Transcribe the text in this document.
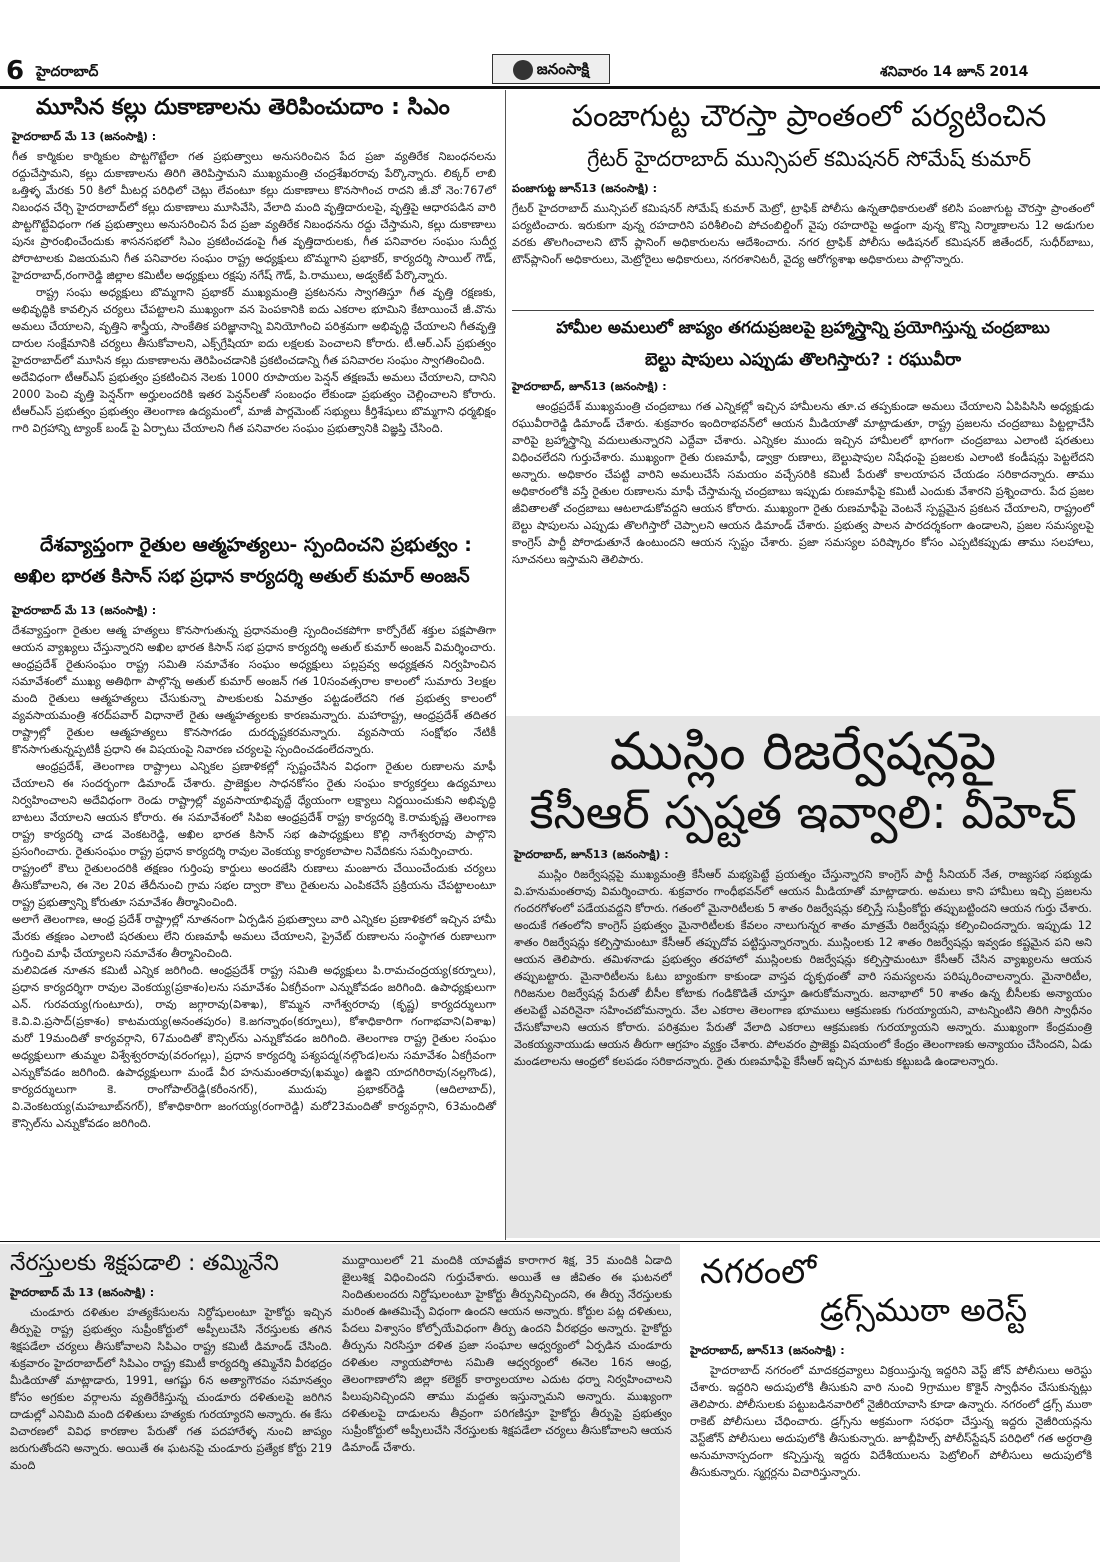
6 హైదరాబాద్	జనంసాక్షి	శనివారం 14 జూన్ 2014
మూసిన కల్లు దుకాణాలను తెరిపించుదాం : సిఎం
హైదరాబాద్ మే 13 (జనంసాక్షి) :

గీత కార్మికుల కార్మికుల పొట్టగొట్టేలా గత ప్రభుత్వాలు అనుసరించిన పేద ప్రజా వ్యతిరేక నిబంధనలను రద్దుచేస్తామని, కల్లు దుకాణాలను తిరిగి తెరిపిస్తామని ముఖ్యమంత్రి చంద్రశేఖరరావు పేర్కొన్నారు. లిక్కర్ లాబి ఒత్తిళ్ళ మేరకు 50 కిలో మీటర్ల పరిధిలో చెట్లు లేవంటూ కల్లు దుకాణాలు కొనసాగించ రాదని జీ.వో నెం:767లో నిబంధన చేర్చి హైదరాబాద్‌లో కల్లు దుకాణాలు మూసివేసి, వేలాది మంది వృత్తిదారులపై, వృత్తిపై ఆధారపడిన వారి పొట్టగొట్టేవిధంగా గత ప్రభుత్వాలు అనుసరించిన పేద ప్రజా వ్యతిరేక నిబంధనను రద్దు చేస్తామని, కల్లు దుకాణాలు పునః ప్రారంభించేందుకు శాసనసభలో సిఎం ప్రకటించడంపై గీత వృత్తిదారులకు, గీత పనివారల సంఘం సుదీర్ఘ పోరాటాలకు విజయమని గీత పనివారల సంఘం రాష్ట్ర అధ్యక్షులు బొమ్మగాని ప్రభాకర్, కార్యదర్శి సాయిల్ గౌడ్, హైదరాబాద్,రంగారెడ్డి జిల్లాల కమిటీల అధ్యక్షులు రక్షపు నగేష్ గౌడ్, పి.రాములు, అడ్వకేట్ పేర్కొన్నారు.

రాష్ట్ర సంఘ అధ్యక్షులు బొమ్మగాని ప్రభాకర్ ముఖ్యమంత్రి ప్రకటనను స్వాగతిస్తూ గీత వృత్తి రక్షణకు, అభివృద్ధికి కావల్సిన చర్యలు చేపట్టాలని ముఖ్యంగా వన పెంపకానికి ఐదు ఎకరాల భూమిని కేటాయించే జీ.వొను అమలు చేయాలని, వృత్తిని శాస్త్రీయ, సాంకేతిక పరిజ్ఞానాన్ని వినియోగించి పరిశ్రమగా అభివృద్ధి చేయాలని గీతవృత్తి దారుల సంక్షేమానికి చర్యలు తీసుకోవాలని, ఎక్స్‌గ్రేషియా ఐదు లక్షలకు పెంచాలని కోరారు. టీ.ఆర్.ఎస్ ప్రభుత్వం హైదరాబాద్‌లో మూసిన కల్లు దుకాణాలను తెరిపించడానికి ప్రకటించడాన్ని గీత పనివారల సంఘం స్వాగతించింది.

అదేవిధంగా టీఆర్ఎస్ ప్రభుత్వం ప్రకటించిన నెలకు 1000 రూపాయల పెన్షన్ తక్షణమే అమలు చేయాలని, దానిని 2000 పెంచి వృత్తి పెన్షన్‌గా అర్హులందరికి ఇతర పెన్షన్‌లతో సంబంధం లేకుండా ప్రభుత్వం చెల్లించాలని కోరారు. టీఆర్ఎస్ ప్రభుత్వం ప్రభుత్వం తెలంగాణ ఉద్యమంలో, మాజీ పార్లమెంట్ సభ్యులు కీర్తిశేషులు బొమ్మగాని ధర్మభిక్షం గారి విగ్రహాన్ని ట్యాంక్ బండ్ పై ఏర్పాటు చేయాలని గీత పనివారల సంఘం ప్రభుత్వానికి విజ్ఞప్తి చేసింది.

దేశవ్యాప్తంగా రైతుల ఆత్మహత్యలు- స్పందించని ప్రభుత్వం :
అఖిల భారత కిసాన్ సభ ప్రధాన కార్యదర్శి అతుల్ కుమార్ అంజన్
హైదరాబాద్ మే 13 (జనంసాక్షి) :

దేశవ్యాప్తంగా రైతుల ఆత్మ హత్యలు కొనసాగుతున్న ప్రధానమంత్రి స్పందించకపోగా కార్పోరేట్ శక్తుల పక్షపాతిగా ఆయన వ్యాఖ్యలు చేస్తున్నారని అఖిల భారత కిసాన్ సభ ప్రధాన కార్యదర్శి అతుల్ కుమార్ అంజన్ విమర్శించారు. ఆంధ్రప్రదేశ్ రైతుసంఘం రాష్ట్ర సమితి సమావేశం సంఘం అధ్యక్షులు పల్లప్రవ్వ అధ్యక్షతన నిర్వహించిన సమావేశంలో ముఖ్య అతిథిగా పాల్గొన్న అతుల్ కుమార్ అంజన్ గత 10సంవత్సరాల కాలంలో సుమారు 3లక్షల మంది రైతులు ఆత్మహత్యలు చేసుకున్నా పాలకులకు ఏమాత్రం పట్టడంలేదని గత ప్రభుత్వ కాలంలో వ్యవసాయమంత్రి శరద్‌పవార్ విధానాలే రైతు ఆత్మహత్యలకు కారణమన్నారు. మహారాష్ట్ర, ఆంధ్రప్రదేశ్ తదితర రాష్ట్రాల్లో రైతుల ఆత్మహత్యలు కొనసాగడం దురదృష్టకరమన్నారు. వ్యవసాయ సంక్షోభం నేటికీ కొనసాగుతున్నప్పటికీ ప్రధాని ఈ విషయంపై నివారణ చర్యలపై స్పందించడంలేదన్నారు.

ఆంధ్రప్రదేశ్, తెలంగాణ రాష్ట్రాలు ఎన్నికల ప్రణాళికల్లో స్పష్టంచేసిన విధంగా రైతుల రుణాలను మాఫీ చేయాలని ఈ సందర్భంగా డిమాండ్ చేశారు. ప్రాజెక్టుల సాధనకోసం రైతు సంఘం కార్యకర్తలు ఉద్యమాలు నిర్వహించాలని అదేవిధంగా రెండు రాష్ట్రాల్లో వ్యవసాయాభివృద్దే ధ్యేయంగా లక్ష్యాలు నిర్ణయించుకుని అభివృద్ధి బాటలు వేయాలని ఆయన కోరారు. ఈ సమావేశంలో సిపిఐ ఆంధ్రప్రదేశ్ రాష్ట్ర కార్యదర్శి కె.రామకృష్ణ తెలంగాణ రాష్ట్ర కార్యదర్శి చాడ వెంకటరెడ్డి, అఖిల భారత కిసాన్ సభ ఉపాధ్యక్షులు కొల్లి నాగేశ్వరరావు పాల్గొని ప్రసంగించారు. రైతుసంఘం రాష్ట్ర ప్రధాన కార్యదర్శి రావుల వెంకయ్య కార్యకలాపాల నివేదికను సమర్పించారు.

రాష్ట్రంలో కౌలు రైతులందరికి తక్షణం గుర్తింపు కార్డులు అందజేసి రుణాలు మంజూరు చేయించేందుకు చర్యలు తీసుకోవాలని, ఈ నెల 20వ తేదీనుంచి గ్రామ సభల ద్వారా కౌలు రైతులను ఎంపికచేసే ప్రక్రియను చేపట్టాలంటూ రాష్ట్ర ప్రభుత్వాన్ని కోరుతూ సమావేశం తీర్మానించింది.

అలాగే తెలంగాణ, ఆంధ్ర ప్రదేశ్ రాష్ట్రాల్లో నూతనంగా ఏర్పడిన ప్రభుత్వాలు వారి ఎన్నికల ప్రణాళికలో ఇచ్చిన హామీ మేరకు తక్షణం ఎలాంటి షరతులు లేని రుణమాఫీ అమలు చేయాలని, ప్రైవేట్ రుణాలను సంస్థాగత రుణాలుగా గుర్తించి మాఫీ చేయ్యాలని సమావేశం తీర్మానించింది.

మలివిడత నూతన కమిటీ ఎన్నిక జరిగింది. ఆంధ్రప్రదేశ్ రాష్ట్ర సమితి అధ్యక్షులు పి.రామచంద్రయ్య(కర్నూలు), ప్రధాన కార్యదర్శిగా రావుల వెంకయ్య(ప్రకాశం)లను సమావేశం ఏకగ్రీవంగా ఎన్నుకోవడం జరిగింది. ఉపాధ్యక్షులుగా ఎన్. గురవయ్య(గుంటూరు), రావు జగ్గారావు(విశాఖ), కొమ్మన నాగేశ్వరరావు (కృష్ణ) కార్యదర్శులుగా కె.వి.వి.ప్రసాద్(ప్రకాశం) కాటమయ్య(అనంతపురం) కె.జగన్నాథం(కర్నూలు), కోశాధికారిగా గంగాభవాని(విశాఖ) మరో 19మందితో కార్యవర్గాని, 67మందితో కౌన్సిల్‌ను ఎన్నుకోవడం జరిగింది. తెలంగాణ రాష్ట్ర రైతుల సంఘం అధ్యక్షులుగా తుమ్మల విశ్వేశ్వరరావు(వరంగల్లు), ప్రధాన కార్యదర్శి పశ్యపద్మ(నల్గొండ)లను సమావేశం ఏకగ్రీవంగా ఎన్నుకోవడం జరిగింది. ఉపాధ్యక్షులుగా మండే వీర హనుమంతరావు(ఖమ్మం) ఉజ్జిని యాదగిరిరావు(నల్లగొండ), కార్యదర్శులుగా కె. రాంగోపాల్‌రెడ్డి(కరీంనగర్), ముదుపు ప్రభాకర్‌రెడ్డి (ఆదిలాబాద్), వి.వెంకటయ్య(మహబూబ్‌నగర్), కోశాధికారిగా జంగయ్య(రంగారెడ్డి) మరో23మందితో కార్యవర్గాని, 63మందితో కౌన్సిల్‌ను ఎన్నుకోవడం జరిగింది.

పంజాగుట్ట చౌరస్తా ప్రాంతంలో పర్యటించిన
గ్రేటర్ హైదరాబాద్ మున్సిపల్ కమిషనర్ సోమేష్ కుమార్
పంజాగుట్ట జూన్13 (జనంసాక్షి) :

గ్రేటర్ హైదరాబాద్ మున్సిపల్ కమిషనర్ సోమేష్ కుమార్ మెట్రో, ట్రాఫిక్ పోలీసు ఉన్నతాధికారులతో కలిసి పంజాగుట్ట చౌరస్తా ప్రాంతంలో పర్యటించారు. ఇరుకుగా వున్న రహదారిని పరిశీలించి పోచంబిల్డింగ్ వైపు రహదారిపై అడ్డంగా వున్న కొన్ని నిర్మాణాలను 12 అడుగుల వరకు తొలగించాలని టౌన్ ప్లానింగ్ అధికారులను ఆదేశించారు. నగర ట్రాఫిక్ పోలీసు అడిషనల్ కమిషనర్ జితేందర్, సుధీర్‌బాబు, టౌన్‌ప్లానింగ్ అధికారులు, మెట్రోరైలు అధికారులు, నగరశానిటరీ, వైద్య ఆరోగ్యశాఖ అధికారులు పాల్గొన్నారు.

హామీల అమలులో జాప్యం తగదుప్రజలపై బ్రహ్మాస్త్రాన్ని ప్రయోగిస్తున్న చంద్రబాబు
బెల్టు షాపులు ఎప్పుడు తొలగిస్తారు? : రఘువీరా
హైదరాబాద్, జూన్13 (జనంసాక్షి) :

ఆంధ్రప్రదేశ్ ముఖ్యమంత్రి చంద్రబాబు గత ఎన్నికల్లో ఇచ్చిన హామీలను తూ.చ తప్పకుండా అమలు చేయాలని ఏపిపిసిసి అధ్యక్షుడు రఘువీరారెడ్డి డిమాండ్ చేశారు. శుక్రవారం ఇందిరాభవన్‌లో ఆయన మీడియాతో మాట్లాడుతూ, రాష్ట్ర ప్రజలను చంద్రబాబు పిట్టల్లాచేసి వారిపై బ్రహ్మాస్త్రాన్ని వదులుతున్నారని ఎద్దేవా చేశారు. ఎన్నికల ముందు ఇచ్చిన హామీలలో భాగంగా చంద్రబాబు ఎలాంటి షరతులు విధించలేదని గుర్తుచేశారు. ముఖ్యంగా రైతు రుణమాఫీ, డ్వాక్రా రుణాలు, బెల్టుషాపుల నిషేధంపై ప్రజలకు ఎలాంటి కండీషన్లు పెట్టలేదని అన్నారు. అధికారం చేపట్టి వారిని అమలుచేసే సమయం వచ్చేసరికి కమిటీ పేరుతో కాలయాపన చేయడం సరికాదన్నారు. తాము అధికారంలోకి వస్తే రైతుల రుణాలను మాఫీ చేస్తామన్న చంద్రబాబు ఇప్పుడు రుణమాఫీపై కమిటీ ఎందుకు వేశారని ప్రశ్నించారు. పేద ప్రజల జీవితాలతో చంద్రబాబు ఆటలాడుకోవద్దని ఆయన కోరారు. ముఖ్యంగా రైతు రుణమాఫీపై వెంటనే స్పష్టమైన ప్రకటన చేయాలని, రాష్ట్రంలో బెల్టు షాపులను ఎప్పుడు తొలగిస్తారో చెప్పాలని ఆయన డిమాండ్ చేశారు. ప్రభుత్వ పాలన పారదర్శకంగా ఉండాలని, ప్రజల సమస్యలపై కాంగ్రెస్ పార్టీ పోరాడుతూనే ఉంటుందని ఆయన స్పష్టం చేశారు. ప్రజా సమస్యల పరిష్కారం కోసం ఎప్పటికప్పుడు తాము సలహాలు, సూచనలు ఇస్తామని తెలిపారు.

ముస్లిం రిజర్వేషన్లపై
కేసీఆర్ స్పష్టత ఇవ్వాలి: వీహెచ్
హైదరాబాద్, జూన్13 (జనంసాక్షి) :

ముస్లిం రిజర్వేషన్లపై ముఖ్యమంత్రి కేసీఆర్ మభ్యపెట్టే ప్రయత్నం చేస్తున్నారని కాంగ్రెస్ పార్టీ సీనియర్ నేత, రాజ్యసభ సభ్యుడు వి.హనుమంతరావు విమర్శించారు. శుక్రవారం గాంధీభవన్‌లో ఆయన మీడియాతో మాట్లాడారు. అమలు కాని హామీలు ఇచ్చి ప్రజలను గందరగోళంలో పడేయవద్దని కోరారు. గతంలో మైనారిటీలకు 5 శాతం రిజర్వేషన్లు కల్పిస్తే సుప్రీంకోర్టు తప్పుబట్టిందని ఆయన గుర్తు చేశారు. అందుకే గతంలోని కాంగ్రెస్ ప్రభుత్వం మైనారిటీలకు కేవలం నాలుగున్నర శాతం మాత్రమే రిజర్వేషన్లు కల్పించిందన్నారు. ఇప్పుడు 12 శాతం రిజర్వేషన్లు కల్పిస్తామంటూ కేసీఆర్ తప్పుదోవ పట్టిస్తున్నారన్నారు. ముస్లింలకు 12 శాతం రిజర్వేషన్లు ఇవ్వడం కష్టమైన పని అని ఆయన తెలిపారు. తమిళనాడు ప్రభుత్వం తరహాలో ముస్లింలకు రిజర్వేషన్లు కల్పిస్తామంటూ కేసీఆర్ చేసిన వ్యాఖ్యలను ఆయన తప్పుబట్టారు. మైనారిటీలను ఓటు బ్యాంకుగా కాకుండా వాస్తవ దృక్పథంతో వారి సమస్యలను పరిష్కరించాలన్నారు. మైనారిటీల, గిరిజనుల రిజర్వేషన్ల పేరుతో బీసీల కోటాకు గండికొడితే చూస్తూ ఊరుకోమన్నారు. జనాభాలో 50 శాతం ఉన్న బీసీలకు అన్యాయం తలపెట్టే ఎవరినైనా సహించబోమన్నారు. వేల ఎకరాల తెలంగాణ భూములు ఆక్రమణకు గురయ్యాయని, వాటన్నింటిని తిరిగి స్వాధీనం చేసుకోవాలని ఆయన కోరారు. పరిశ్రమల పేరుతో వేలాది ఎకరాలు ఆక్రమణకు గురయ్యాయని అన్నారు. ముఖ్యంగా కేంద్రమంత్రి వెంకయ్యనాయుడు ఆయన తీరుగా ఆగ్రహం వ్యక్తం చేశారు. పోలవరం ప్రాజెక్టు విషయంలో కేంద్రం తెలంగాణకు అన్యాయం చేసిందని, ఏడు మండలాలను ఆంధ్రలో కలపడం సరికాదన్నారు. రైతు రుణమాఫీపై కేసీఆర్ ఇచ్చిన మాటకు కట్టుబడి ఉండాలన్నారు.

నేరస్తులకు శిక్షపడాలి : తమ్మినేని
హైదరాబాద్ మే 13 (జనంసాక్షి) :

చుండూరు దళితుల హత్యకేసులను నిర్దోషులంటూ హైకోర్టు ఇచ్చిన తీర్పుపై రాష్ట్ర ప్రభుత్వం సుప్రీంకోర్టులో అప్పీలుచేసి నేరస్తులకు తగిన శిక్షపడేలా చర్యలు తీసుకోవాలని సిపిఎం రాష్ట్ర కమిటీ డిమాండ్ చేసింది. శుక్రవారం హైదరాబాద్‌లో సిపిఎం రాష్ట్ర కమిటీ కార్యదర్శి తమ్మినేని వీరభద్రం మీడియాతో మాట్లాడారు, 1991, ఆగష్టు 6న అత్యాగౌరవం సమానత్వం కోసం అగ్రకుల వర్గాలను వ్యతిరేకిస్తున్న చుండూరు దళితులపై జరిగిన దాడుల్లో ఎనిమిది మంది దళితులు హత్యకు గురయ్యారని అన్నారు. ఈ కేసు విచారణలో వివిధ కారణాల పేరుతో గత పదహారేళ్ళ నుంచి జాప్యం జరుగుతోందని అన్నారు. అయితే ఈ ఘటనపై చుండూరు ప్రత్యేక కోర్టు 219 మంది

ముద్దాయిలలో 21 మందికి యావజ్జీవ కారాగార శిక్ష, 35 మందికి ఏడాది జైలుశిక్ష విధించిందని గుర్తుచేశారు. అయితే ఆ జీవితం ఈ ఘటనలో నిందితులందరు నిర్దోషులంటూ హైకోర్టు తీర్పునిచ్చిందని, ఈ తీర్పు నేరస్తులకు మరింత ఊతమిచ్చే విధంగా ఉందని ఆయన అన్నారు. కోర్టుల పట్ల దళితులు, పేదలు విశ్వాసం కోల్పోయేవిధంగా తీర్పు ఉందని వీరభద్రం అన్నారు. హైకోర్టు తీర్పును నిరసిస్తూ దళిత ప్రజా సంఘాల ఆధ్వర్యంలో ఏర్పడిన చుండూరు దళితుల న్యాయపోరాట సమితి ఆధ్వర్యంలో ఈనెల 16న ఆంధ్ర, తెలంగాణాలోని జిల్లా కలెక్టర్ కార్యాలయాల ఎదుట ధర్నా నిర్వహించాలని పిలుపునిచ్చిందని తాము మద్దతు ఇస్తున్నామని అన్నారు. ముఖ్యంగా దళితులపై దాడులను తీవ్రంగా పరిగణిస్తూ హైకోర్టు తీర్పుపై ప్రభుత్వం సుప్రీంకోర్టులో అప్పీలుచేసి నేరస్తులకు శిక్షపడేలా చర్యలు తీసుకోవాలని ఆయన డిమాండ్ చేశారు.

నగరంలో
డ్రగ్స్‌ముఠా అరెస్ట్
హైదరాబాద్, జూన్13 (జనంసాక్షి) :

హైదరాబాద్ నగరంలో మాదకద్రవ్యాలు విక్రయిస్తున్న ఇద్దరిని వెస్ట్ జోన్ పోలీసులు అరెస్టు చేశారు. ఇద్దరిని అదుపులోకి తీసుకుని వారి నుంచి 9గ్రాముల కొకైన్ స్వాధీనం చేసుకున్నట్లు తెలిపారు. పోలీసులకు పట్టుబడినవారిలో నైజీరియావాసి కూడా ఉన్నారు. నగరంలో డ్రగ్స్ ముఠా రాకెట్ పోలీసులు చేధించారు. డ్రగ్స్‌ను అక్రమంగా సరఫరా చేస్తున్న ఇద్దరు నైజీరియన్లను వెస్ట్‌జోన్ పోలీసులు అదుపులోకి తీసుకున్నారు. జూబ్లీహిల్స్ పోలీస్‌స్టేషన్ పరిధిలో గత అర్ధరాత్రి అనుమానాస్పదంగా కన్పిస్తున్న ఇద్దరు విదేశీయులను పెట్రోలింగ్ పోలీసులు అదుపులోకి తీసుకున్నారు. స్మగ్లర్లను విచారిస్తున్నారు.
